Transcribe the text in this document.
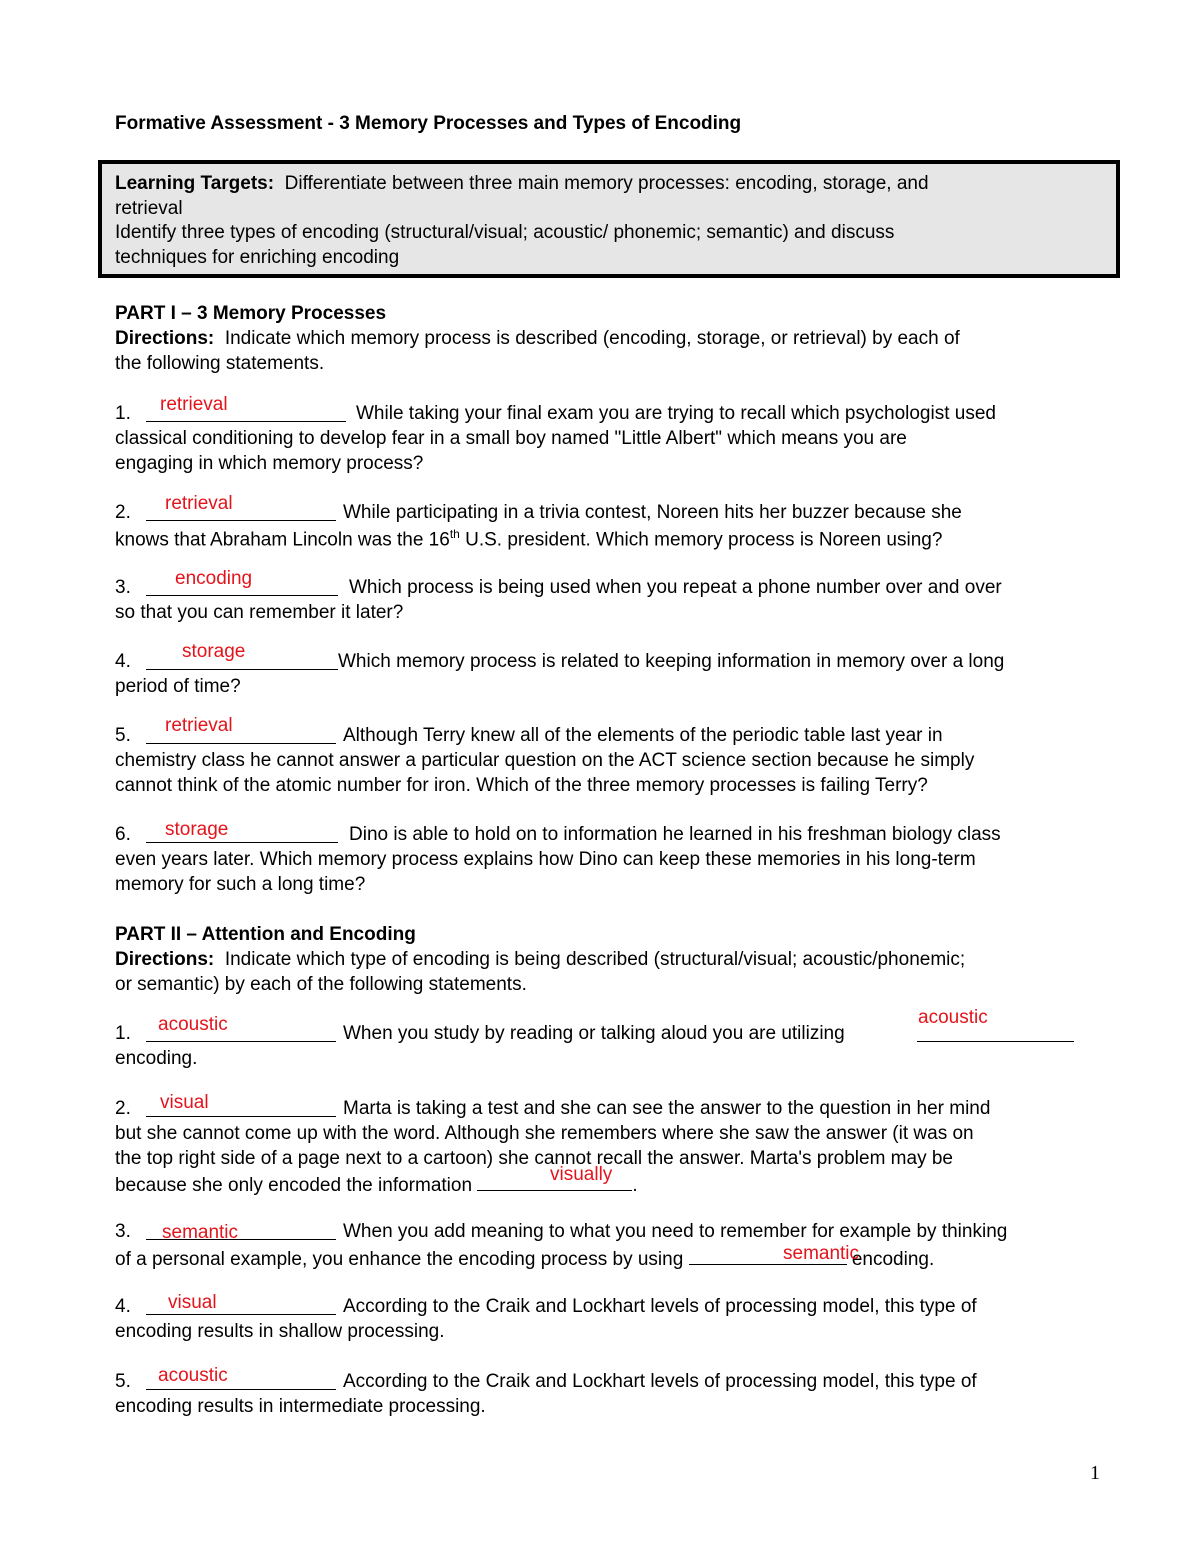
Formative Assessment - 3 Memory Processes and Types of Encoding
Learning Targets: Differentiate between three main memory processes: encoding, storage, and
retrieval
Identify three types of encoding (structural/visual; acoustic/ phonemic; semantic) and discuss
techniques for enriching encoding
PART I – 3 Memory Processes
Directions: Indicate which memory process is described (encoding, storage, or retrieval) by each of
the following statements.
1. retrieval	While taking your final exam you are trying to recall which psychologist used
classical conditioning to develop fear in a small boy named "Little Albert" which means you are
engaging in which memory process?
2. retrieval	While participating in a trivia contest, Noreen hits her buzzer because she
knows that Abraham Lincoln was the 16th U.S. president. Which memory process is Noreen using?
3. encoding	Which process is being used when you repeat a phone number over and over
so that you can remember it later?
4.	storage	Which memory process is related to keeping information in memory over a long
period of time?
5. retrieval	Although Terry knew all of the elements of the periodic table last year in
chemistry class he cannot answer a particular question on the ACT science section because he simply
cannot think of the atomic number for iron. Which of the three memory processes is failing Terry?
6. storage	Dino is able to hold on to information he learned in his freshman biology class
even years later. Which memory process explains how Dino can keep these memories in his long-term
memory for such a long time?
PART II – Attention and Encoding
Directions: Indicate which type of encoding is being described (structural/visual; acoustic/phonemic;
or semantic) by each of the following statements.
1. acoustic	When you study by reading or talking aloud you are utilizing
acoustic
encoding.
2. visual	Marta is taking a test and she can see the answer to the question in her mind
but she cannot come up with the word. Although she remembers where she saw the answer (it was on
the top right side of a page next to a cartoon) she cannot recall the answer. Marta's problem may be
because she only encoded the information	.
visually
3. semantic	When you add meaning to what you need to remember for example by thinking
of a personal example, you enhance the encoding process by using	encoding.
semantic
4. visual	According to the Craik and Lockhart levels of processing model, this type of
encoding results in shallow processing.
5. acoustic	According to the Craik and Lockhart levels of processing model, this type of
encoding results in intermediate processing.
1
